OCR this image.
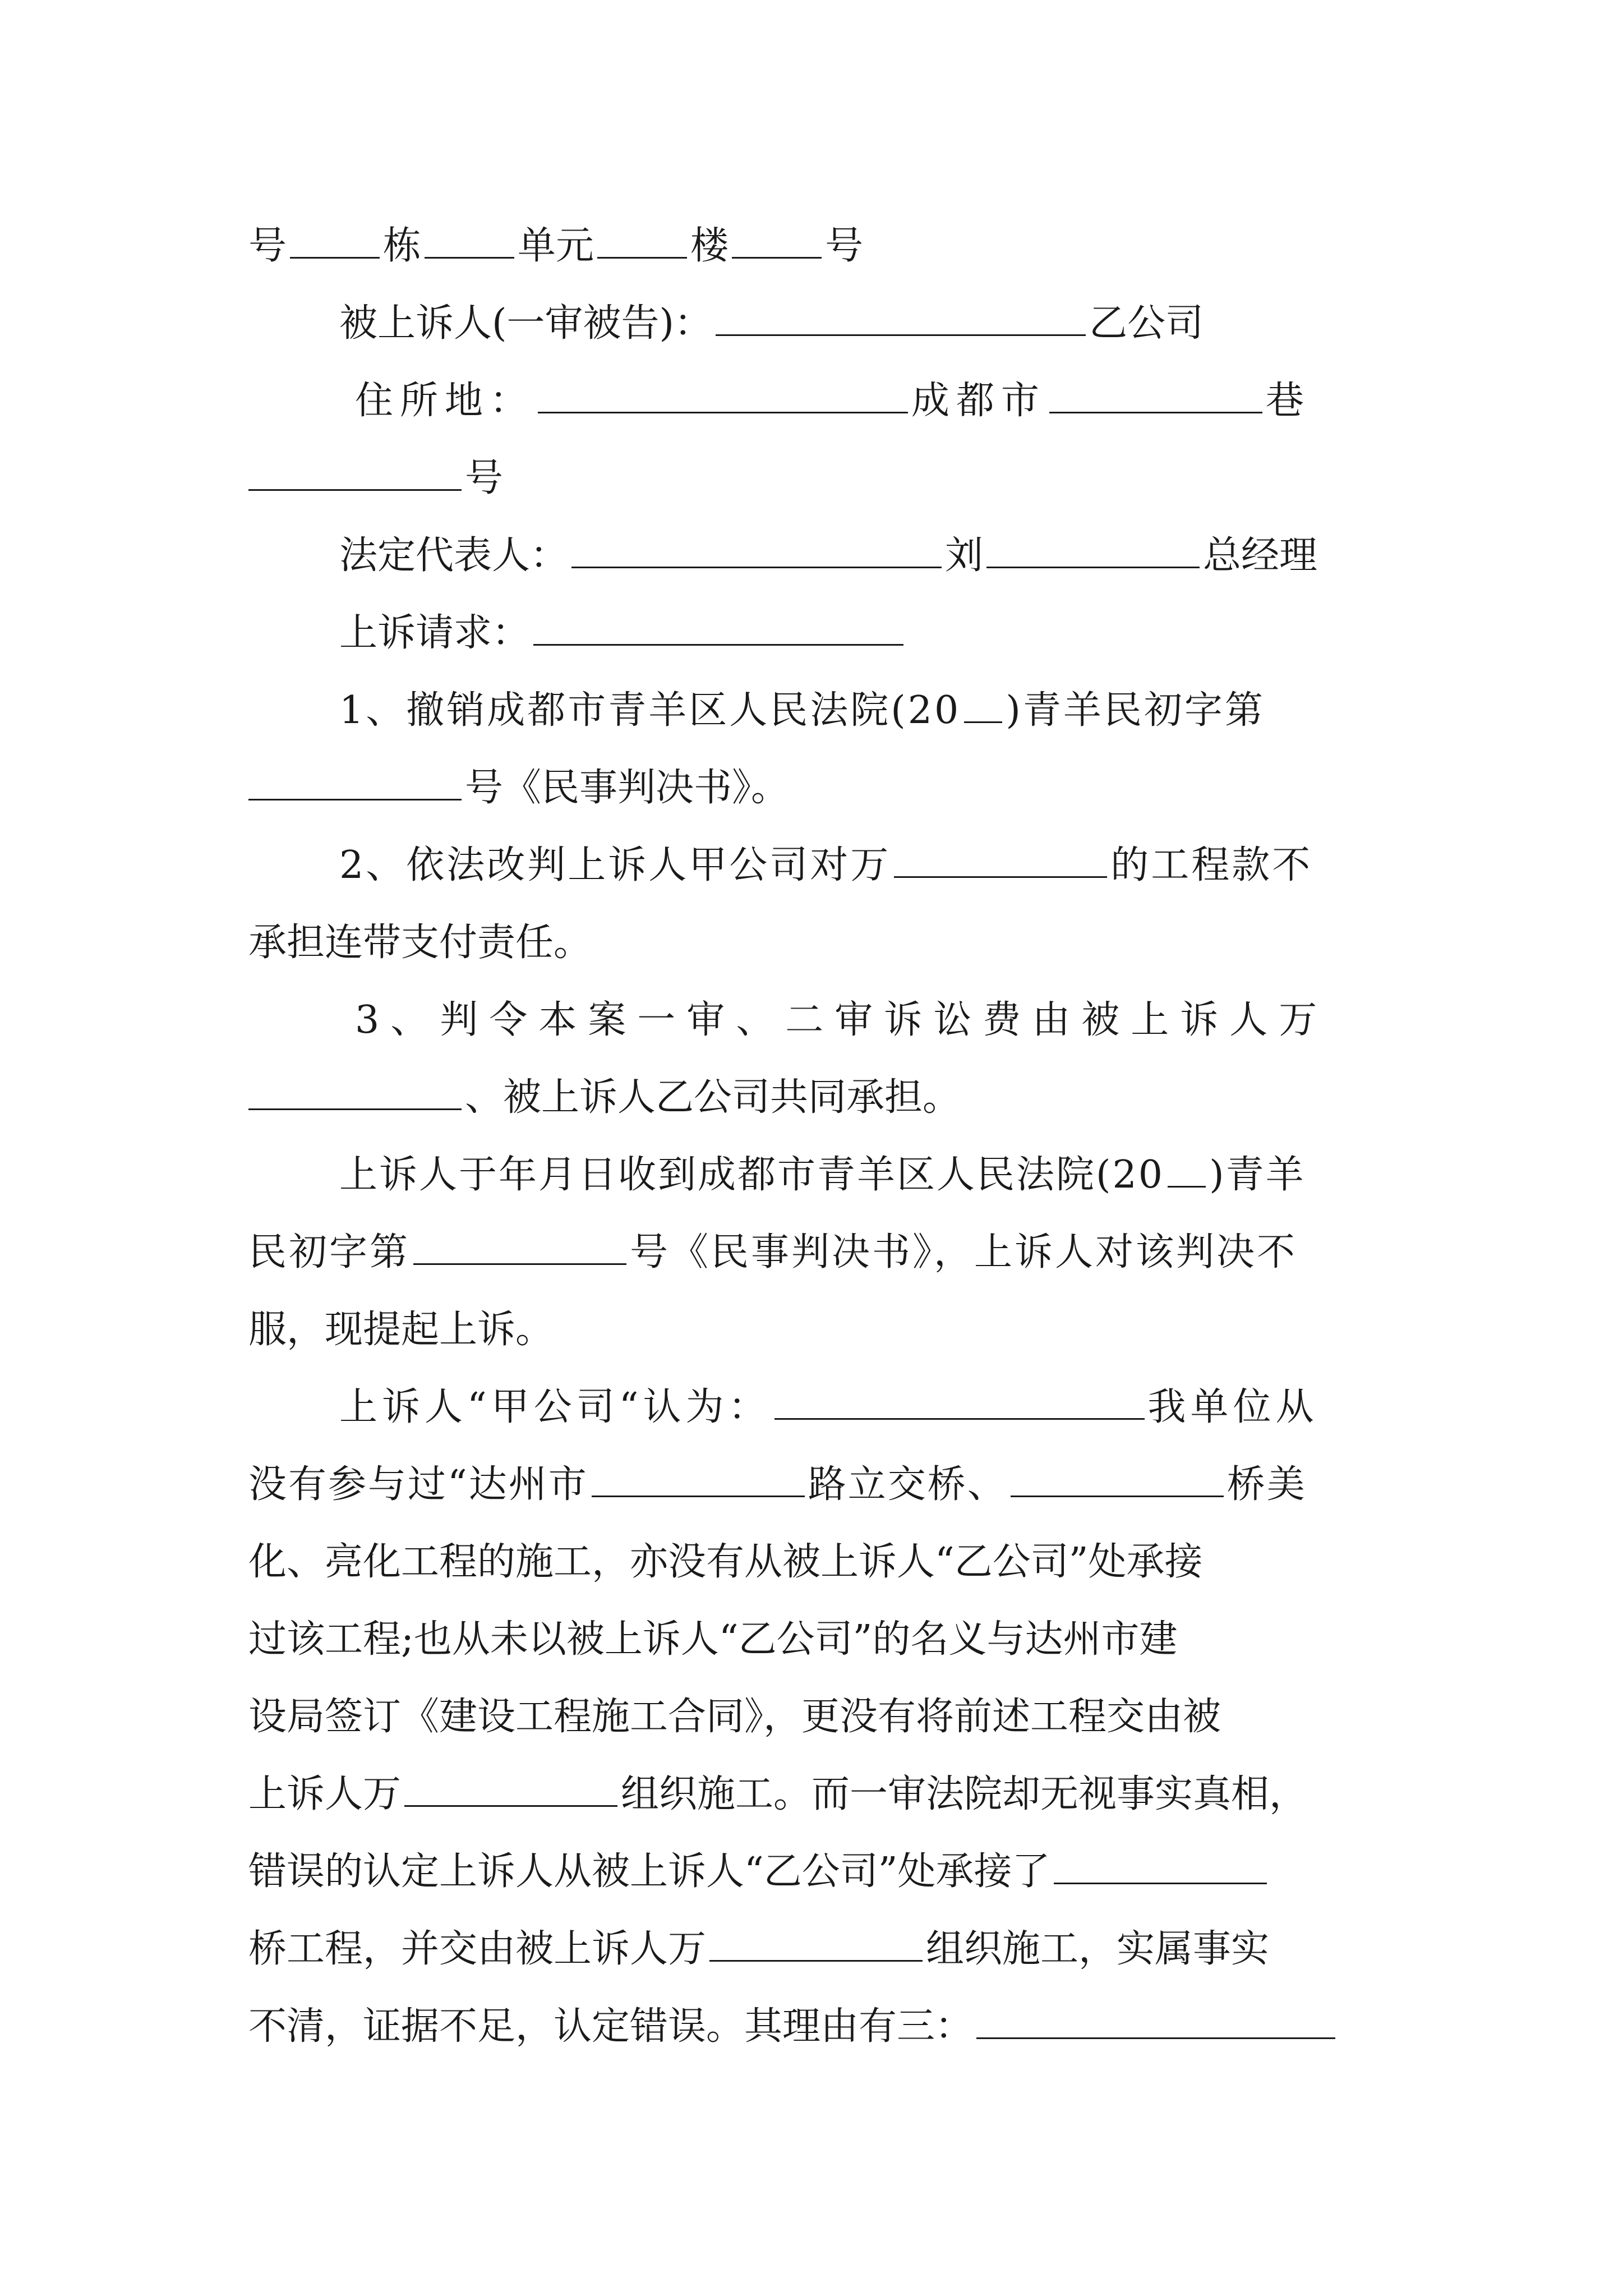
号	栋	单元	楼	号
被上诉人(一审被告)：	乙公司
住所地：	成都市	巷
号
法定代表人：	刘	总经理
上诉请求：
1、撤销成都市青羊区人民法院(20 )青羊民初字第
号《民事判决书》。
2、依法改判上诉人甲公司对万	的工程款不
承担连带支付责任。
3、判令本案一审、二审诉讼费由被上诉人万
、被上诉人乙公司共同承担。
上诉人于年月日收到成都市青羊区人民法院(20 )青羊
民初字第	号《民事判决书》，上诉人对该判决不
服，现提起上诉。
上诉人“甲公司“认为：	我单位从
没有参与过“达州市	路立交桥、	桥美
化、亮化工程的施工，亦没有从被上诉人“乙公司”处承接
过该工程;也从未以被上诉人“乙公司”的名义与达州市建
设局签订《建设工程施工合同》，更没有将前述工程交由被
上诉人万	组织施工。而一审法院却无视事实真相，
错误的认定上诉人从被上诉人“乙公司”处承接了
桥工程，并交由被上诉人万	组织施工，实属事实
不清，证据不足，认定错误。其理由有三：
